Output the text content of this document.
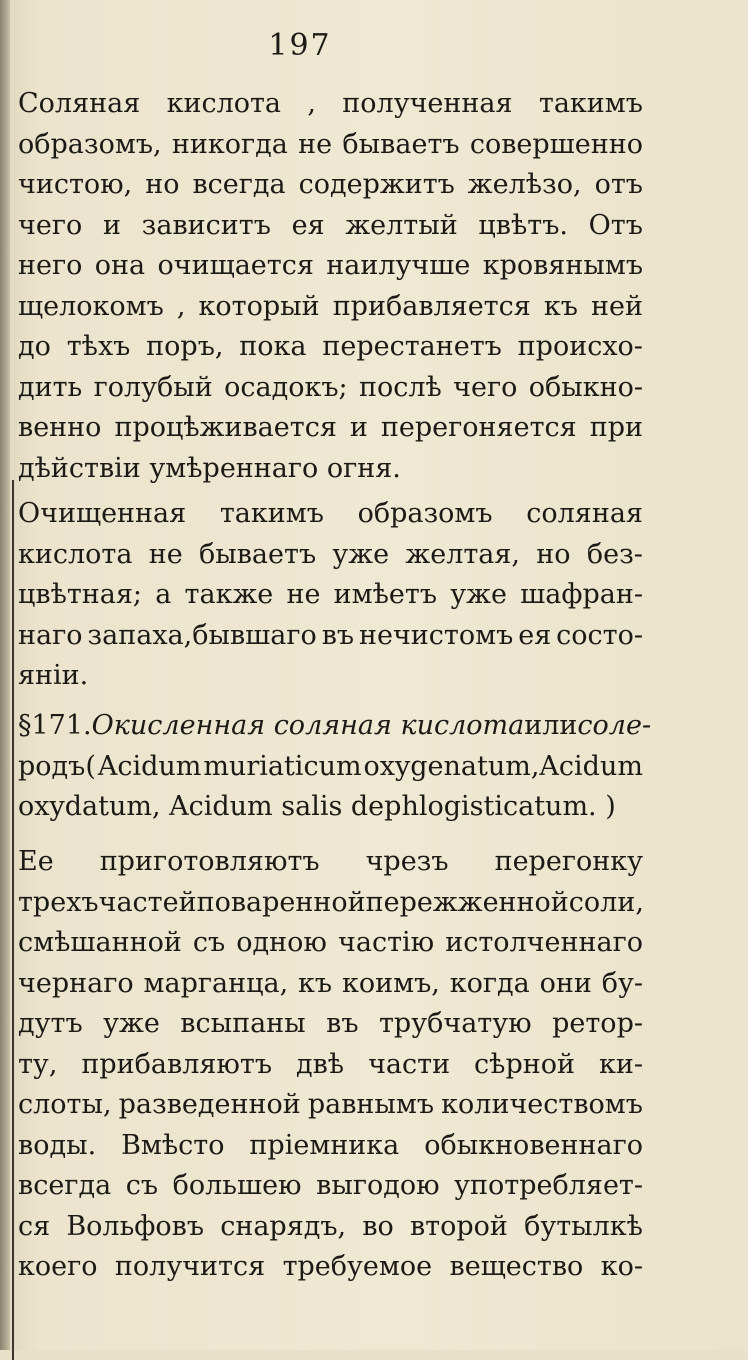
197
Соляная кислота , полученная такимъ
образомъ, никогда не бываетъ совершенно
чистою, но всегда содержитъ желѣзо, отъ
чего и зависитъ ея желтый цвѣтъ. Отъ
него она очищается наилучше кровянымъ
щелокомъ , который прибавляется къ ней
до тѣхъ поръ, пока перестанетъ происхо-
дить голубый осадокъ; послѣ чего обыкно-
венно процѣживается и перегоняется при
дѣйствіи умѣреннаго огня.
Очищенная такимъ образомъ соляная
кислота не бываетъ уже желтая, но без-
цвѣтная; а также не имѣетъ уже шафран-
наго запаха,бывшаго въ нечистомъ ея состо-
яніи.
§171. Окисленная соляная кислота или cоле-
родъ( Acidum muriaticum oxygenatum,Acidum
oxydatum, Acidum salis dephlogisticatum. )
Ее приготовляютъ чрезъ перегонку
трехъ частей поваренной пережженной соли,
смѣшанной съ одною частію истолченнаго
чернаго марганца, къ коимъ, когда они бу-
дутъ уже всыпаны въ трубчатую ретор-
ту, прибавляютъ двѣ части сѣрной ки-
слоты, разведенной равнымъ количествомъ
воды. Вмѣсто пріемника обыкновеннаго
всегда съ большею выгодою употребляет-
ся Вольфовъ снарядъ, во второй бутылкѣ
коего получится требуемое вещество ко-
